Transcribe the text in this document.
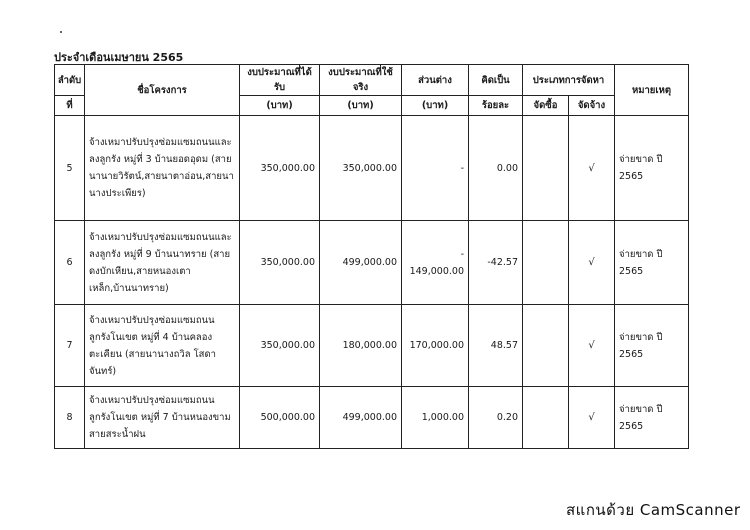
ประจำเดือนเมษายน 2565
ลำดับ	ชื่อโครงการ	งบประมาณที่ได้รับ	งบประมาณที่ใช้จริง	ส่วนต่าง	คิดเป็น	ประเภทการจัดหา		หมายเหตุ
ที่		(บาท)	(บาท)	(บาท)	ร้อยละ	จัดซื้อ	จัดจ้าง	
5	จ้างเหมาปรับปรุงซ่อมแซมถนนและลงลูกรัง หมู่ที่ 3 บ้านยอดอุดม (สายนานายวิรัตน์,สายนาตาอ่อน,สายนานางประเพียร)	350,000.00	350,000.00	-	0.00		√	จ่ายขาด ปี 2565
6	จ้างเหมาปรับปรุงซ่อมแซมถนนและลงลูกรัง หมู่ที่ 9 บ้านนาทราย (สายดงบักเหียน,สายหนองเตาเหล็ก,บ้านนาทราย)	350,000.00	499,000.00	- 149,000.00	-42.57		√	จ่ายขาด ปี 2565
7	จ้างเหมาปรับปรุงซ่อมแซมถนนลูกรังโนเขต หมู่ที่ 4 บ้านคลองตะเคียน (สายนานางถวิล โสดาจันทร์)	350,000.00	180,000.00	170,000.00	48.57		√	จ่ายขาด ปี 2565
8	จ้างเหมาปรับปรุงซ่อมแซมถนนลูกรังโนเขต หมู่ที่ 7 บ้านหนองขาม สายสระน้ำฝน	500,000.00	499,000.00	1,000.00	0.20		√	จ่ายขาด ปี 2565
สแกนด้วย CamScanner
